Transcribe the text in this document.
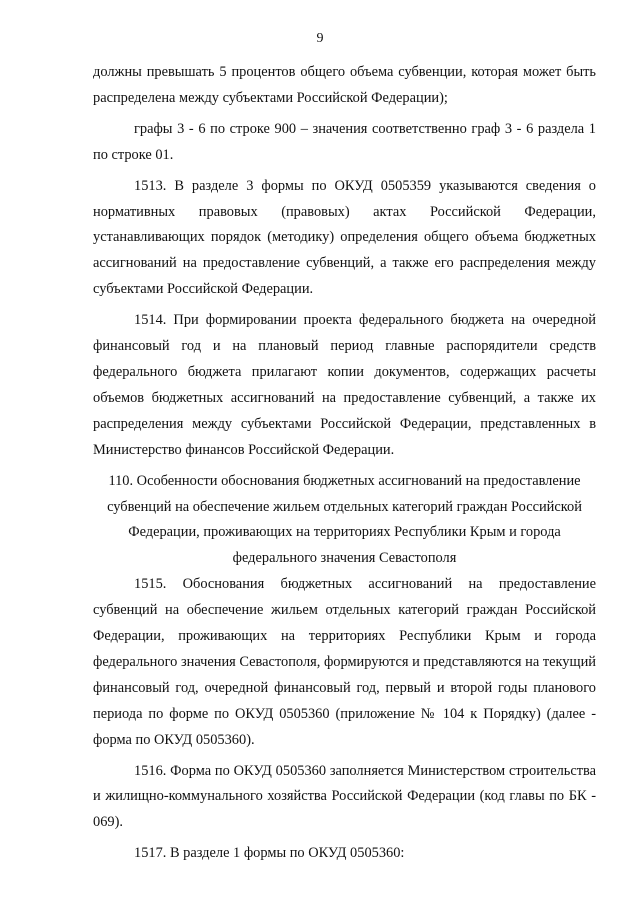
9

должны превышать 5 процентов общего объема субвенции, которая может быть распределена между субъектами Российской Федерации);

графы 3 - 6 по строке 900 – значения соответственно граф 3 - 6 раздела 1 по строке 01.

1513. В разделе 3 формы по ОКУД 0505359 указываются сведения о нормативных правовых (правовых) актах Российской Федерации, устанавливающих порядок (методику) определения общего объема бюджетных ассигнований на предоставление субвенций, а также его распределения между субъектами Российской Федерации.

1514. При формировании проекта федерального бюджета на очередной финансовый год и на плановый период главные распорядители средств федерального бюджета прилагают копии документов, содержащих расчеты объемов бюджетных ассигнований на предоставление субвенций, а также их распределения между субъектами Российской Федерации, представленных в Министерство финансов Российской Федерации.

110. Особенности обоснования бюджетных ассигнований на предоставление субвенций на обеспечение жильем отдельных категорий граждан Российской Федерации, проживающих на территориях Республики Крым и города федерального значения Севастополя

1515. Обоснования бюджетных ассигнований на предоставление субвенций на обеспечение жильем отдельных категорий граждан Российской Федерации, проживающих на территориях Республики Крым и города федерального значения Севастополя, формируются и представляются на текущий финансовый год, очередной финансовый год, первый и второй годы планового периода по форме по ОКУД 0505360 (приложение № 104 к Порядку) (далее - форма по ОКУД 0505360).

1516. Форма по ОКУД 0505360 заполняется Министерством строительства и жилищно-коммунального хозяйства Российской Федерации (код главы по БК - 069).

1517. В разделе 1 формы по ОКУД 0505360:
